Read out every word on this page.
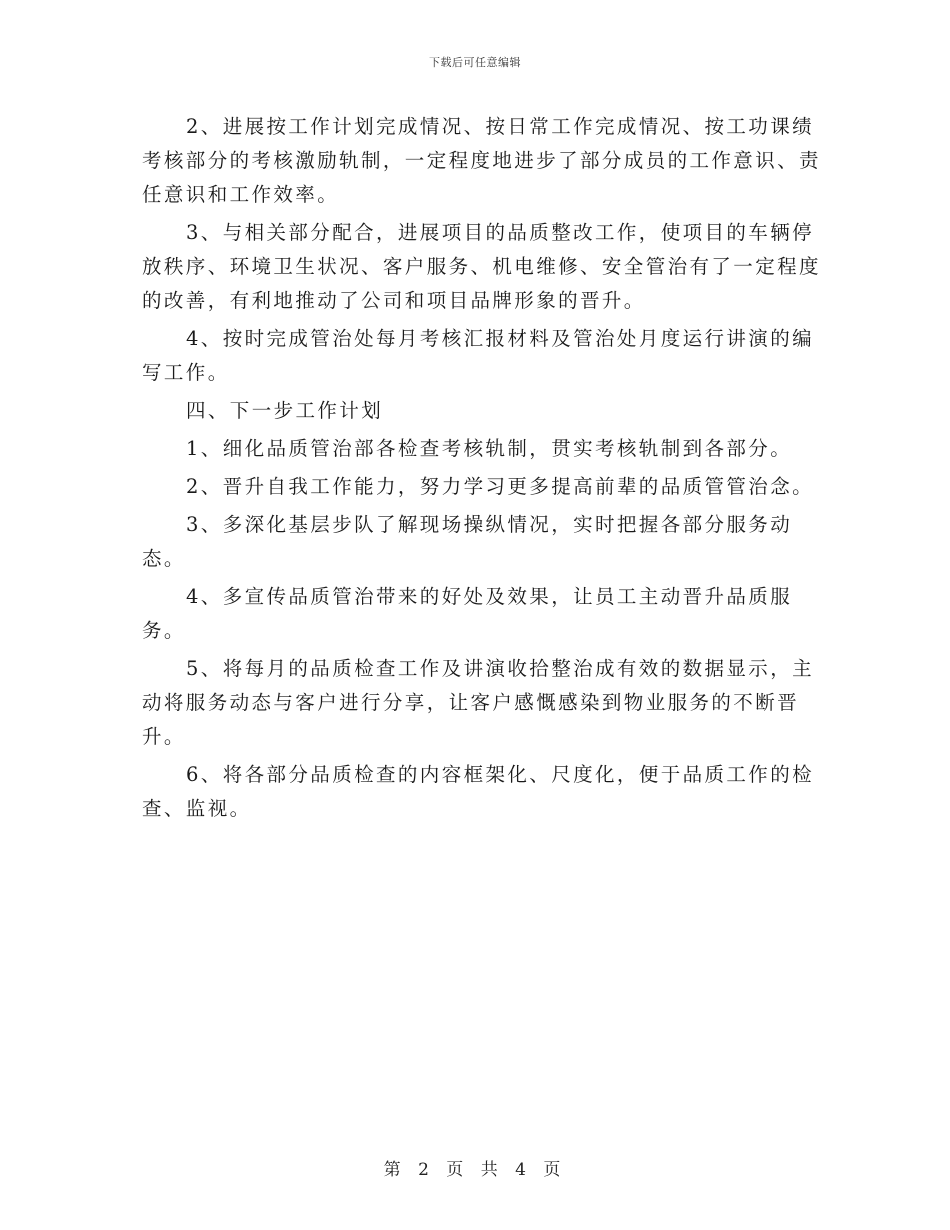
下载后可任意编辑

2、进展按工作计划完成情况、按日常工作完成情况、按工功课绩考核部分的考核激励轨制，一定程度地进步了部分成员的工作意识、责任意识和工作效率。

3、与相关部分配合，进展项目的品质整改工作，使项目的车辆停放秩序、环境卫生状况、客户服务、机电维修、安全管治有了一定程度的改善，有利地推动了公司和项目品牌形象的晋升。

4、按时完成管治处每月考核汇报材料及管治处月度运行讲演的编写工作。

四、下一步工作计划

1、细化品质管治部各检查考核轨制，贯实考核轨制到各部分。

2、晋升自我工作能力，努力学习更多提高前辈的品质管管治念。

3、多深化基层步队了解现场操纵情况，实时把握各部分服务动态。

4、多宣传品质管治带来的好处及效果，让员工主动晋升品质服务。

5、将每月的品质检查工作及讲演收拾整治成有效的数据显示，主动将服务动态与客户进行分享，让客户感慨感染到物业服务的不断晋升。

6、将各部分品质检查的内容框架化、尺度化，便于品质工作的检查、监视。

第 2 页 共 4 页
